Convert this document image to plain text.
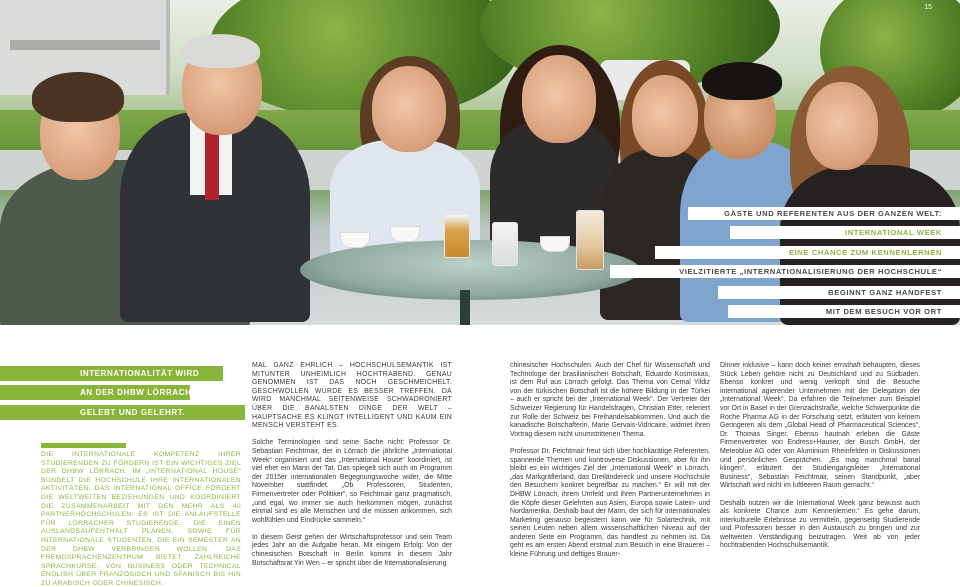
15
GÄSTE UND REFERENTEN AUS DER GANZEN WELT:
INTERNATIONAL WEEK
EINE CHANCE ZUM KENNENLERNEN
VIELZITIERTE „INTERNATIONALISIERUNG DER HOCHSCHULE“
BEGINNT GANZ HANDFEST
MIT DEM BESUCH VOR ORT
INTERNATIONALITÄT WIRD
AN DER DHBW LÖRRACH
GELEBT UND GELEHRT.
DIE INTERNATIONALE KOMPETENZ IHRER STUDIERENDEN ZU FÖRDERN IST EIN WICHTIGES ZIEL DER DHBW LÖRRACH. IM „INTERNATIONAL HOUSE“ BÜNDELT DIE HOCHSCHULE IHRE INTERNATIONALEN AKTIVITÄTEN. DAS INTERNATIONAL OFFICE FÖRDERT DIE WELTWEITEN BEZIEHUNGEN UND KOORDINIERT DIE ZUSAMMENARBEIT MIT DEN MEHR ALS 40 PARTNERHOCHSCHULEN. ES IST DIE ANLAUFSTELLE FÜR LÖRRACHER STUDIERENDE, DIE EINEN AUSLANDSAUFENTHALT PLANEN, SOWIE FÜR INTERNATIONALE STUDENTEN, DIE EIN SEMESTER AN DER DHBW VERBRINGEN WOLLEN. DAS FREMDSPRACHENZENTRUM BIETET ZAHLREICHE SPRACHKURSE: VON BUSINESS ODER TECHNICAL ENGLISH ÜBER FRANZÖSISCH UND SPANISCH BIS HIN ZU ARABISCH ODER CHINESISCH.

MAL GANZ EHRLICH – HOCHSCHULSEMANTIK IST MITUNTER UNHEIMLICH HOCHTRABEND. GENAU GENOMMEN IST DAS NOCH GESCHMEICHELT. GESCHWOLLEN WÜRDE ES BESSER TREFFEN. DA WIRD MANCHMAL SEITENWEISE SCHWADRONIERT ÜBER DIE BANALSTEN DINGE DER WELT – HAUPTSACHE ES KLINGT INTELLIGENT UND KAUM EIN MENSCH VERSTEHT ES.

Solche Terminologien sind seine Sache nicht: Professor Dr. Sebastian Feichtmair, der in Lörrach die jährliche „International Week“ organisiert und das „International House“ koordiniert, ist viel eher ein Mann der Tat. Das spiegelt sich auch im Programm der 2015er internationalen Begegnungswoche wider, die Mitte November stattfindet. „Ob Professoren, Studenten, Firmenvertreter oder Politiker“, so Feichtmair ganz pragmatisch, „und egal, wo immer sie auch herkommen mögen, zunächst einmal sind es alle Menschen und die müssen ankommen, sich wohlfühlen und Eindrücke sammeln.“

In diesem Geist gehen der Wirtschaftsprofessor und sein Team jedes Jahr an die Aufgabe heran. Mit einigem Erfolg: Von der chinesischen Botschaft in Berlin kommt in diesem Jahr Botschaftsrat Yin Wen – er spricht über die Internationalisierung

chinesischer Hochschulen. Auch der Chef für Wissenschaft und Technologie der brasilianischen Botschaft, Eduardo Kosmiskas, ist dem Ruf aus Lörrach gefolgt. Das Thema von Cemal Yildiz von der türkischen Botschaft ist die höhere Bildung in der Türkei – auch er spricht bei der „International Week“. Der Vertreter der Schweizer Regierung für Handelsfragen, Christian Etter, referiert zur Rolle der Schweiz bei Freihandelsabkommen. Und auch die kanadische Botschafterin, Marie Gervais-Vidricaire, widmet ihren Vortrag diesem nicht unumstrittenen Thema.

Professor Dr. Feichtmair freut sich über hochkarätige Referenten, spannende Themen und kontroverse Diskussionen, aber für ihn bleibt es ein wichtiges Ziel der „International Week“ in Lörrach, „das Markgräflerland, das Dreiländereck und unsere Hochschule den Besuchern konkret begreifbar zu machen.“ Er will mit der DHBW Lörrach, ihrem Umfeld und ihren Partnerunternehmen in die Köpfe dieser Gelehrten aus Asien, Europa sowie Latein- und Nordamerika. Deshalb baut der Mann, der sich für internationales Marketing genauso begeistern kann wie für Solartechnik, mit seinen Leuten neben allem wissenschaftlichen Niveau auf der anderen Seite ein Programm, das handfest zu nehmen ist. Da geht es am ersten Abend erstmal zum Besuch in eine Brauerei – kleine Führung und deftiges Brauer-

Dinner inklusive – kann doch keiner ernsthaft behaupten, dieses Stück Leben gehöre nicht zu Deutschland und zu Südbaden. Ebenso konkret und wenig verkopft sind die Besuche international agierender Unternehmen mit der Delegation der „International Week“. Da erfahren die Teilnehmer zum Beispiel vor Ort in Basel in der Grenzachstraße, welche Schwerpunkte die Roche Pharma AG in der Forschung setzt, erläutert von keinem Geringeren als dem „Global Head of Pharmaceutical Sciences“, Dr. Thomas Singer. Ebenso hautnah erleben die Gäste Firmenvertreter von Endress+Hauser, der Busch GmbH, der Meteoblue AG oder von Aluminium Rheinfelden in Diskussionen und persönlichen Gesprächen. „Es mag manchmal banal klingen“, erläutert der Studiengangsleiter „International Business“, Sebastian Feichtmair, seinen Standpunkt, „aber Wirtschaft wird nicht im luftleeren Raum gemacht.“

Deshalb nutzen wir die International Week ganz bewusst auch als konkrete Chance zum Kennenlernen.“ Es gehe darum, interkulturelle Erlebnisse zu vermitteln, gegenseitig Studierende und Professoren besser in den Austausch zu bringen und zur weltweiten Verständigung beizutragen. Weit ab von jeder hochtrabenden Hochschulsemantik.
